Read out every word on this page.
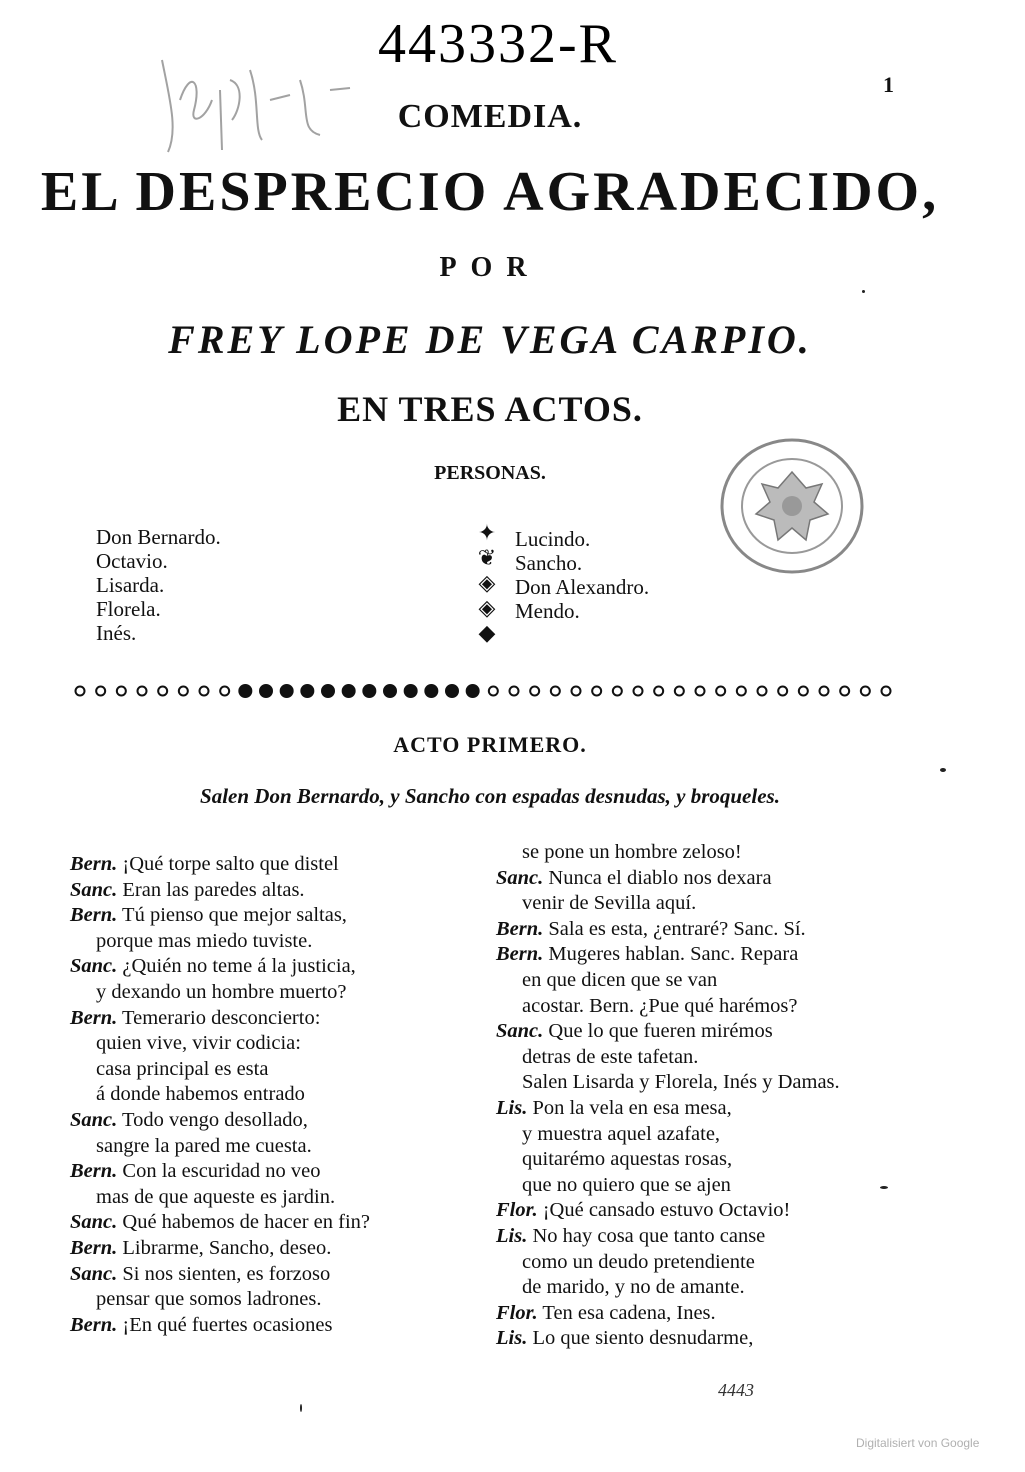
443332-R
1
COMEDIA.
EL DESPRECIO AGRADECIDO,
POR
FREY LOPE DE VEGA CARPIO.
EN TRES ACTOS.
PERSONAS.
Don Bernardo.
Octavio.
Lisarda.
Florela.
Inés.
✦
❦
◈
◈
◆
Lucindo.
Sancho.
Don Alexandro.
Mendo.
ACTO PRIMERO.
Salen Don Bernardo, y Sancho con espadas desnudas, y broqueles.
Bern. ¡Qué torpe salto que distel
Sanc. Eran las paredes altas.
Bern. Tú pienso que mejor saltas,
porque mas miedo tuviste.
Sanc. ¿Quién no teme á la justicia,
y dexando un hombre muerto?
Bern. Temerario desconcierto:
quien vive, vivir codicia:
casa principal es esta
á donde habemos entrado
Sanc. Todo vengo desollado,
sangre la pared me cuesta.
Bern. Con la escuridad no veo
mas de que aqueste es jardin.
Sanc. Qué habemos de hacer en fin?
Bern. Librarme, Sancho, deseo.
Sanc. Si nos sienten, es forzoso
pensar que somos ladrones.
Bern. ¡En qué fuertes ocasiones
se pone un hombre zeloso!
Sanc. Nunca el diablo nos dexara
venir de Sevilla aquí.
Bern. Sala es esta, ¿entraré? Sanc. Sí.
Bern. Mugeres hablan. Sanc. Repara
en que dicen que se van
acostar. Bern. ¿Pue qué harémos?
Sanc. Que lo que fueren mirémos
detras de este tafetan.
Salen Lisarda y Florela, Inés y Damas.
Lis. Pon la vela en esa mesa,
y muestra aquel azafate,
quitarémo aquestas rosas,
que no quiero que se ajen
Flor. ¡Qué cansado estuvo Octavio!
Lis. No hay cosa que tanto canse
como un deudo pretendiente
de marido, y no de amante.
Flor. Ten esa cadena, Ines.
Lis. Lo que siento desnudarme,
4443
Digitalisiert von Google
